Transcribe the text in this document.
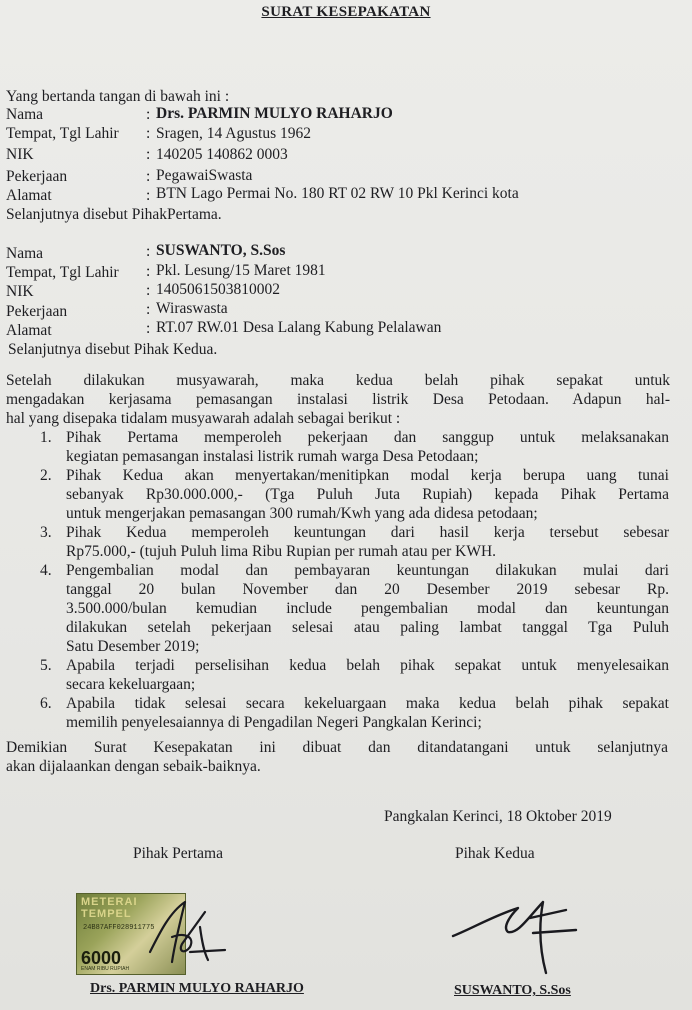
SURAT KESEPAKATAN
Yang bertanda tangan di bawah ini :
Nama	: Drs. PARMIN MULYO RAHARJO
Tempat, Tgl Lahir : Sragen, 14 Agustus 1962
NIK	: 140205 140862 0003
Pekerjaan	: PegawaiSwasta
Alamat	: BTN Lago Permai No. 180 RT 02 RW 10 Pkl Kerinci kota
Selanjutnya disebut PihakPertama.
Nama	: SUSWANTO, S.Sos
Tempat, Tgl Lahir : Pkl. Lesung/15 Maret 1981
NIK	: 1405061503810002
Pekerjaan	: Wiraswasta
Alamat	: RT.07 RW.01 Desa Lalang Kabung Pelalawan
Selanjutnya disebut Pihak Kedua.
Setelah dilakukan musyawarah, maka kedua belah pihak sepakat untuk
mengadakan kerjasama pemasangan instalasi listrik Desa Petodaan. Adapun hal-
hal yang disepaka tidalam musyawarah adalah sebagai berikut :
1. Pihak Pertama memperoleh pekerjaan dan sanggup untuk melaksanakan
kegiatan pemasangan instalasi listrik rumah warga Desa Petodaan;
2. Pihak Kedua akan menyertakan/menitipkan modal kerja berupa uang tunai
sebanyak Rp30.000.000,- (Tga Puluh Juta Rupiah) kepada Pihak Pertama
untuk mengerjakan pemasangan 300 rumah/Kwh yang ada didesa petodaan;
3. Pihak Kedua memperoleh keuntungan dari hasil kerja tersebut sebesar
Rp75.000,- (tujuh Puluh lima Ribu Rupian per rumah atau per KWH.
4. Pengembalian modal dan pembayaran keuntungan dilakukan mulai dari
tanggal 20 bulan November dan 20 Desember 2019 sebesar Rp.
3.500.000/bulan kemudian include pengembalian modal dan keuntungan
dilakukan setelah pekerjaan selesai atau paling lambat tanggal Tga Puluh
Satu Desember 2019;
5. Apabila terjadi perselisihan kedua belah pihak sepakat untuk menyelesaikan
secara kekeluargaan;
6. Apabila tidak selesai secara kekeluargaan maka kedua belah pihak sepakat
memilih penyelesaiannya di Pengadilan Negeri Pangkalan Kerinci;
Demikian Surat Kesepakatan ini dibuat dan ditandatangani untuk selanjutnya
akan dijalaankan dengan sebaik-baiknya.
Pangkalan Kerinci, 18 Oktober 2019
Pihak Pertama	Pihak Kedua
METERAI
TEMPEL
24B87AFF028911775
6000
ENAM RIBU RUPIAH
Drs. PARMIN MULYO RAHARJO	SUSWANTO, S.Sos
